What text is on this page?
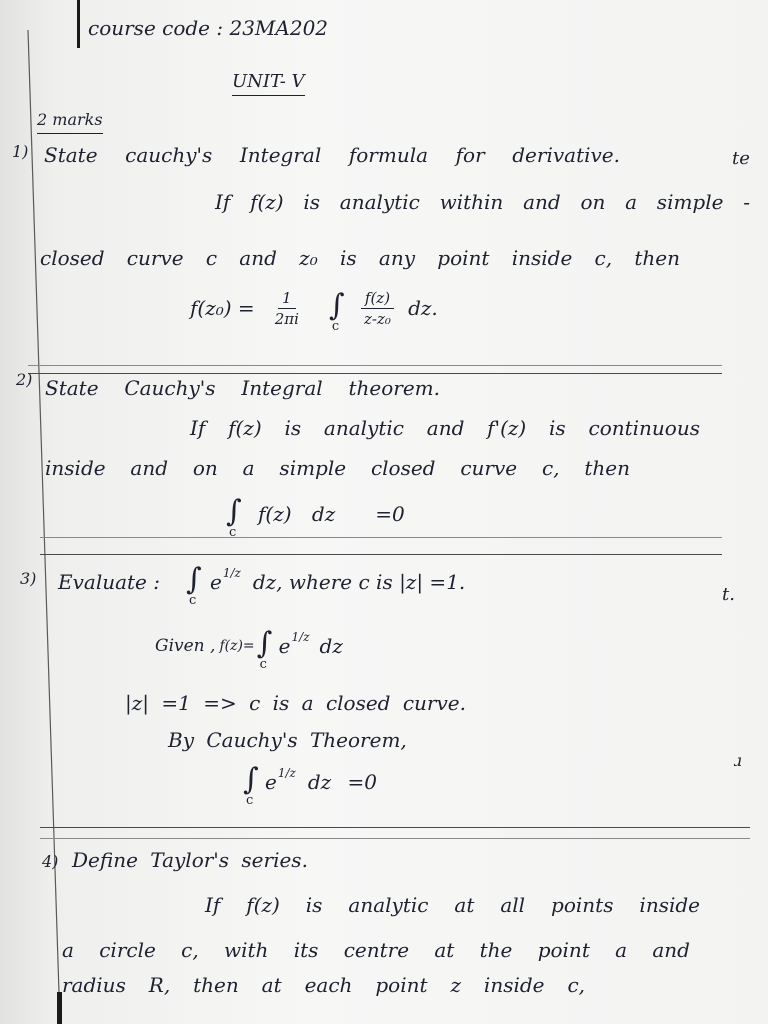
course code : 23MA202
UNIT- V
2 marks
te
t.
ɹ
1) State cauchy's Integral formula for derivative.
If f(z) is analytic within and on a simple -
closed curve c and z₀ is any point inside c, then
$f(z_0) = \frac{1}{2\pi i}$ ∫
c $\frac{f(z)}{\text{z-z₀}}$ dz.
2) State Cauchy's Integral theorem.
If f(z) is analytic and f'(z) is continuous
inside and on a simple closed curve c, then
∫
c
f(z) dz =0
3) Evaluate : ∫
c
e 1/z dz, where c is |z| =1.
Given , f(z)= ∫
c
e 1/z dz
|z| =1 => c is a closed curve.
By Cauchy's Theorem,
∫
c
e 1/z dz =0
4) Define Taylor's series.
If f(z) is analytic at all points inside
a circle c, with its centre at the point a and
radius R, then at each point z inside c,
